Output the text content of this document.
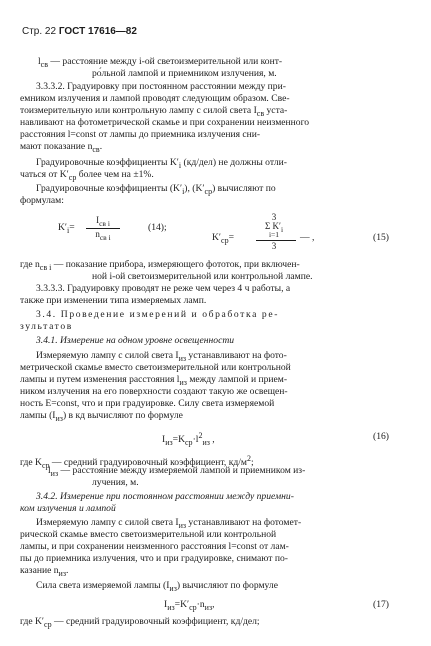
Стр. 22 ГОСТ 17616—82
$l_{св}$ — расстояние между i-ой светоизмерительной или конт-
ро́льной лампой и приемником излучения, м.
3.3.3.2. Градуировку при постоянном расстоянии между при-
емником излучения и лампой проводят следующим образом. Све-
тоизмерительную или контрольную лампу с силой света $I_{св}$ уста-
навливают на фотометрической скамье и при сохранении неизменного
расстояния l=const от лампы до приемника излучения сни-
мают показание $n_{св}$.
Градуировочные коэффициенты $K'_i$ (кд/дел) не должны отли-
чаться от $K'_{ср}$ более чем на ±1%.
Градуировочные коэффициенты $(K'_i)$, $(K'_{ср})$ вычисляют по
формулам:
$K'_i=$
$I_{св i}$
$n_{св i}$
(14);
$K'_{ср}=$
3
Σ $K'_i$
i=1
3
— ,	(15)
где $n_{св i}$ — показание прибора, измеряющего фототок, при включен-
ной i-ой светоизмерительной или контрольной лампе.
3.3.3.3. Градуировку проводят не реже чем через 4 ч работы, а
также при изменении типа измеряемых ламп.
3.4. Проведение измерений и обработка ре-
зультатов
3.4.1. Измерение на одном уровне освещенности
Измеряемую лампу с силой света $I_{из}$ устанавливают на фото-
метрической скамье вместо светоизмерительной или контрольной
лампы и путем изменения расстояния $l_{из}$ между лампой и прием-
ником излучения на его поверхности создают такую же освещен-
ность E=const, что и при градуировке. Силу света измеряемой
лампы $(I_{из})$ в кд вычисляют по формуле
$I_{из}=K_{ср}\cdot l^2_{из}$ ,	(16)
где $K_{ср}$ — средний градуировочный коэффициент, $кд/м^2$;
$l_{из}$ — расстояние между измеряемой лампой и приемником из-
лучения, м.
3.4.2. Измерение при постоянном расстоянии между приемни-
ком излучения и лампой
Измеряемую лампу с силой света $I_{из}$ устанавливают на фотомет-
рической скамье вместо светоизмерительной или контрольной
лампы, и при сохранении неизменного расстояния l=const от лам-
пы до приемника излучения, что и при градуировке, снимают по-
казание $n_{из}$.
Сила света измеряемой лампы $(I_{из})$ вычисляют по формуле
$I_{из}=K'_{ср}\cdot n_{из}$,	(17)
где $K'_{ср}$ — средний градуировочный коэффициент, кд/дел;
